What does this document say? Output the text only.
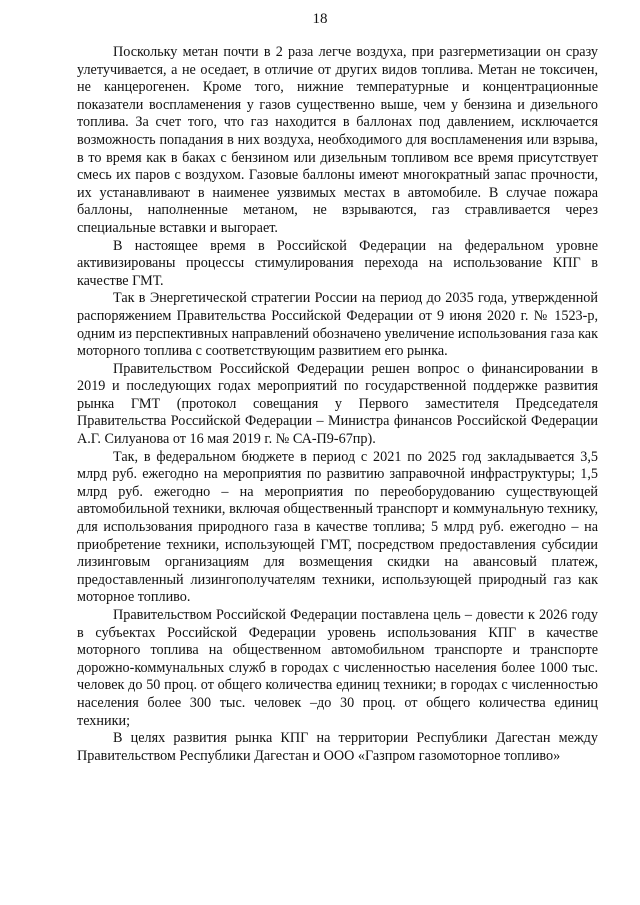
18

Поскольку метан почти в 2 раза легче воздуха, при разгерметизации он сразу улетучивается, а не оседает, в отличие от других видов топлива. Метан не токсичен, не канцерогенен. Кроме того, нижние температурные и концентрационные показатели воспламенения у газов существенно выше, чем у бензина и дизельного топлива. За счет того, что газ находится в баллонах под давлением, исключается возможность попадания в них воздуха, необходимого для воспламенения или взрыва, в то время как в баках с бензином или дизельным топливом все время присутствует смесь их паров с воздухом. Газовые баллоны имеют многократный запас прочности, их устанавливают в наименее уязвимых местах в автомобиле. В случае пожара баллоны, наполненные метаном, не взрываются, газ стравливается через специальные вставки и выгорает.

В настоящее время в Российской Федерации на федеральном уровне активизированы процессы стимулирования перехода на использование КПГ в качестве ГМТ.

Так в Энергетической стратегии России на период до 2035 года, утвержденной распоряжением Правительства Российской Федерации от 9 июня 2020 г. № 1523-р, одним из перспективных направлений обозначено увеличение использования газа как моторного топлива с соответствующим развитием его рынка.

Правительством Российской Федерации решен вопрос о финансировании в 2019 и последующих годах мероприятий по государственной поддержке развития рынка ГМТ (протокол совещания у Первого заместителя Председателя Правительства Российской Федерации – Министра финансов Российской Федерации А.Г. Силуанова от 16 мая 2019 г. № СА-П9-67пр).

Так, в федеральном бюджете в период с 2021 по 2025 год закладывается 3,5 млрд руб. ежегодно на мероприятия по развитию заправочной инфраструктуры; 1,5 млрд руб. ежегодно – на мероприятия по переоборудованию существующей автомобильной техники, включая общественный транспорт и коммунальную технику, для использования природного газа в качестве топлива; 5 млрд руб. ежегодно – на приобретение техники, использующей ГМТ, посредством предоставления субсидии лизинговым организациям для возмещения скидки на авансовый платеж, предоставленный лизингополучателям техники, использующей природный газ как моторное топливо.

Правительством Российской Федерации поставлена цель – довести к 2026 году в субъектах Российской Федерации уровень использования КПГ в качестве моторного топлива на общественном автомобильном транспорте и транспорте дорожно-коммунальных служб в городах с численностью населения более 1000 тыс. человек до 50 проц. от общего количества единиц техники; в городах с численностью населения более 300 тыс. человек –до 30 проц. от общего количества единиц техники;

В целях развития рынка КПГ на территории Республики Дагестан между Правительством Республики Дагестан и ООО «Газпром газомоторное топливо»
